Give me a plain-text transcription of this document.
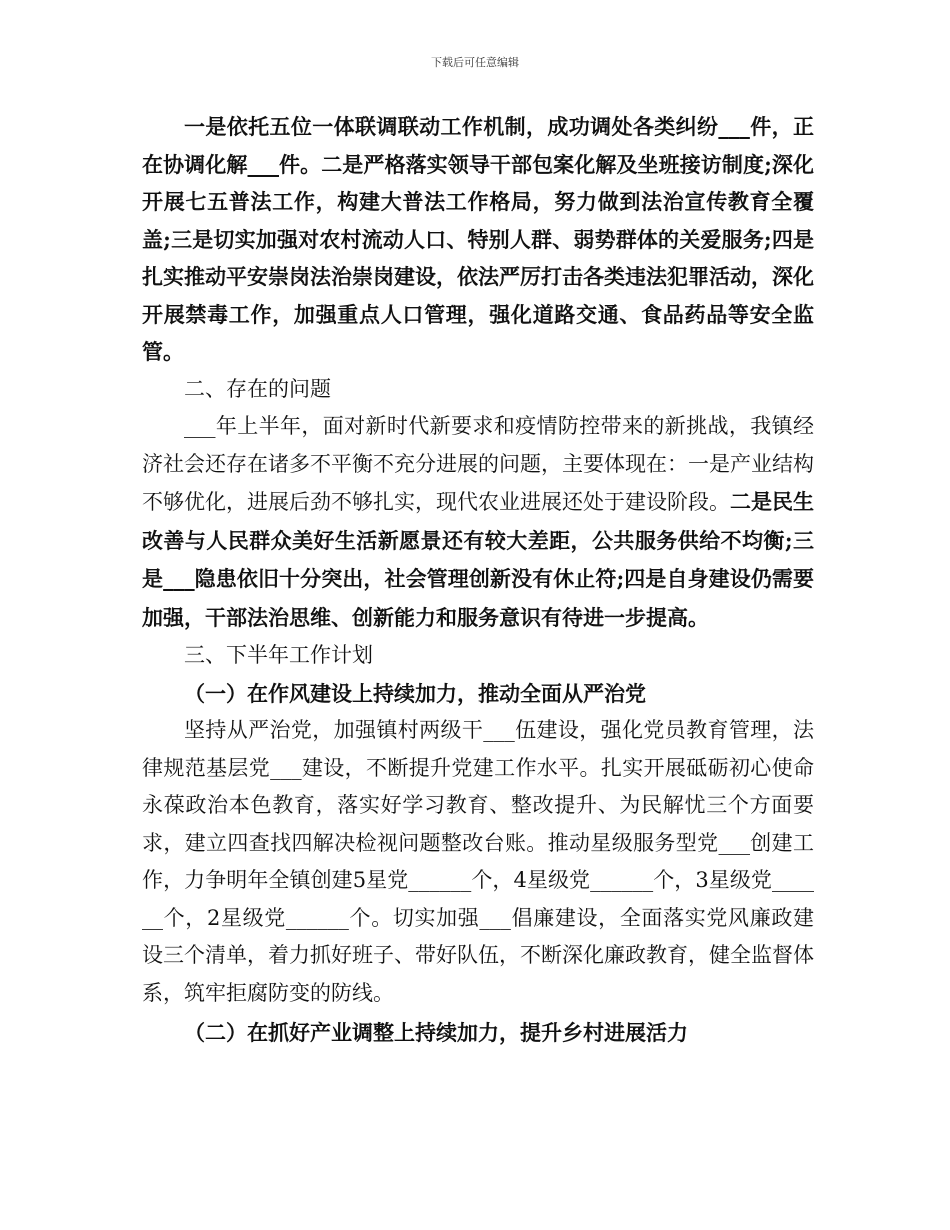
下载后可任意编辑

一是依托五位一体联调联动工作机制，成功调处各类纠纷___件，正在协调化解___件。二是严格落实领导干部包案化解及坐班接访制度;深化开展七五普法工作，构建大普法工作格局，努力做到法治宣传教育全覆盖;三是切实加强对农村流动人口、特别人群、弱势群体的关爱服务;四是扎实推动平安崇岗法治崇岗建设，依法严厉打击各类违法犯罪活动，深化开展禁毒工作，加强重点人口管理，强化道路交通、食品药品等安全监管。

二、存在的问题

___年上半年，面对新时代新要求和疫情防控带来的新挑战，我镇经济社会还存在诸多不平衡不充分进展的问题，主要体现在：一是产业结构不够优化，进展后劲不够扎实，现代农业进展还处于建设阶段。二是民生改善与人民群众美好生活新愿景还有较大差距，公共服务供给不均衡;三是___隐患依旧十分突出，社会管理创新没有休止符;四是自身建设仍需要加强，干部法治思维、创新能力和服务意识有待进一步提高。

三、下半年工作计划

（一）在作风建设上持续加力，推动全面从严治党

坚持从严治党，加强镇村两级干___伍建设，强化党员教育管理，法律规范基层党___建设，不断提升党建工作水平。扎实开展砥砺初心使命永葆政治本色教育，落实好学习教育、整改提升、为民解忧三个方面要求，建立四查找四解决检视问题整改台账。推动星级服务型党___创建工作，力争明年全镇创建5星党______个，4星级党______个，3星级党______个，2星级党______个。切实加强___倡廉建设，全面落实党风廉政建设三个清单，着力抓好班子、带好队伍，不断深化廉政教育，健全监督体系，筑牢拒腐防变的防线。

（二）在抓好产业调整上持续加力，提升乡村进展活力
